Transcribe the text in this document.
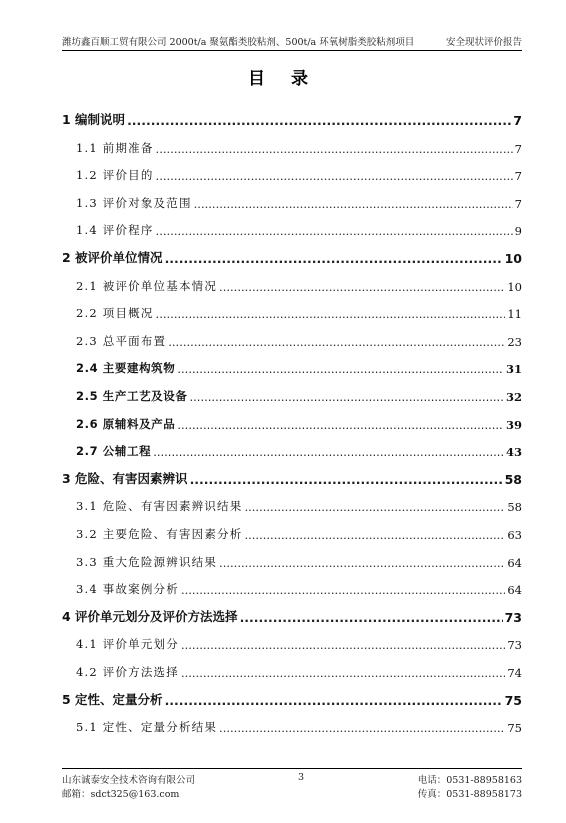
潍坊鑫百顺工贸有限公司 2000t/a 聚氨酯类胶粘剂、500t/a 环氧树脂类胶粘剂项目	安全现状评价报告
目 录
1 编制说明 .....	7
1.1 前期准备 .....	7
1.2 评价目的 .....	7
1.3 评价对象及范围 .....	7
1.4 评价程序 .....	9
2 被评价单位情况 .....	10
2.1 被评价单位基本情况 .....	10
2.2 项目概况 .....	11
2.3 总平面布置 .....	23
2.4 主要建构筑物 .....	31
2.5 生产工艺及设备 .....	32
2.6 原辅料及产品 .....	39
2.7 公辅工程 .....	43
3 危险、有害因素辨识 .....	58
3.1 危险、有害因素辨识结果 .....	58
3.2 主要危险、有害因素分析 .....	63
3.3 重大危险源辨识结果 .....	64
3.4 事故案例分析 .....	64
4 评价单元划分及评价方法选择 .....	73
4.1 评价单元划分 .....	73
4.2 评价方法选择 .....	74
5 定性、定量分析 .....	75
5.1 定性、定量分析结果 .....	75
山东诚泰安全技术咨询有限公司
邮箱：sdct325@163.com
3	电话：0531-88958163
传真：0531-88958173
